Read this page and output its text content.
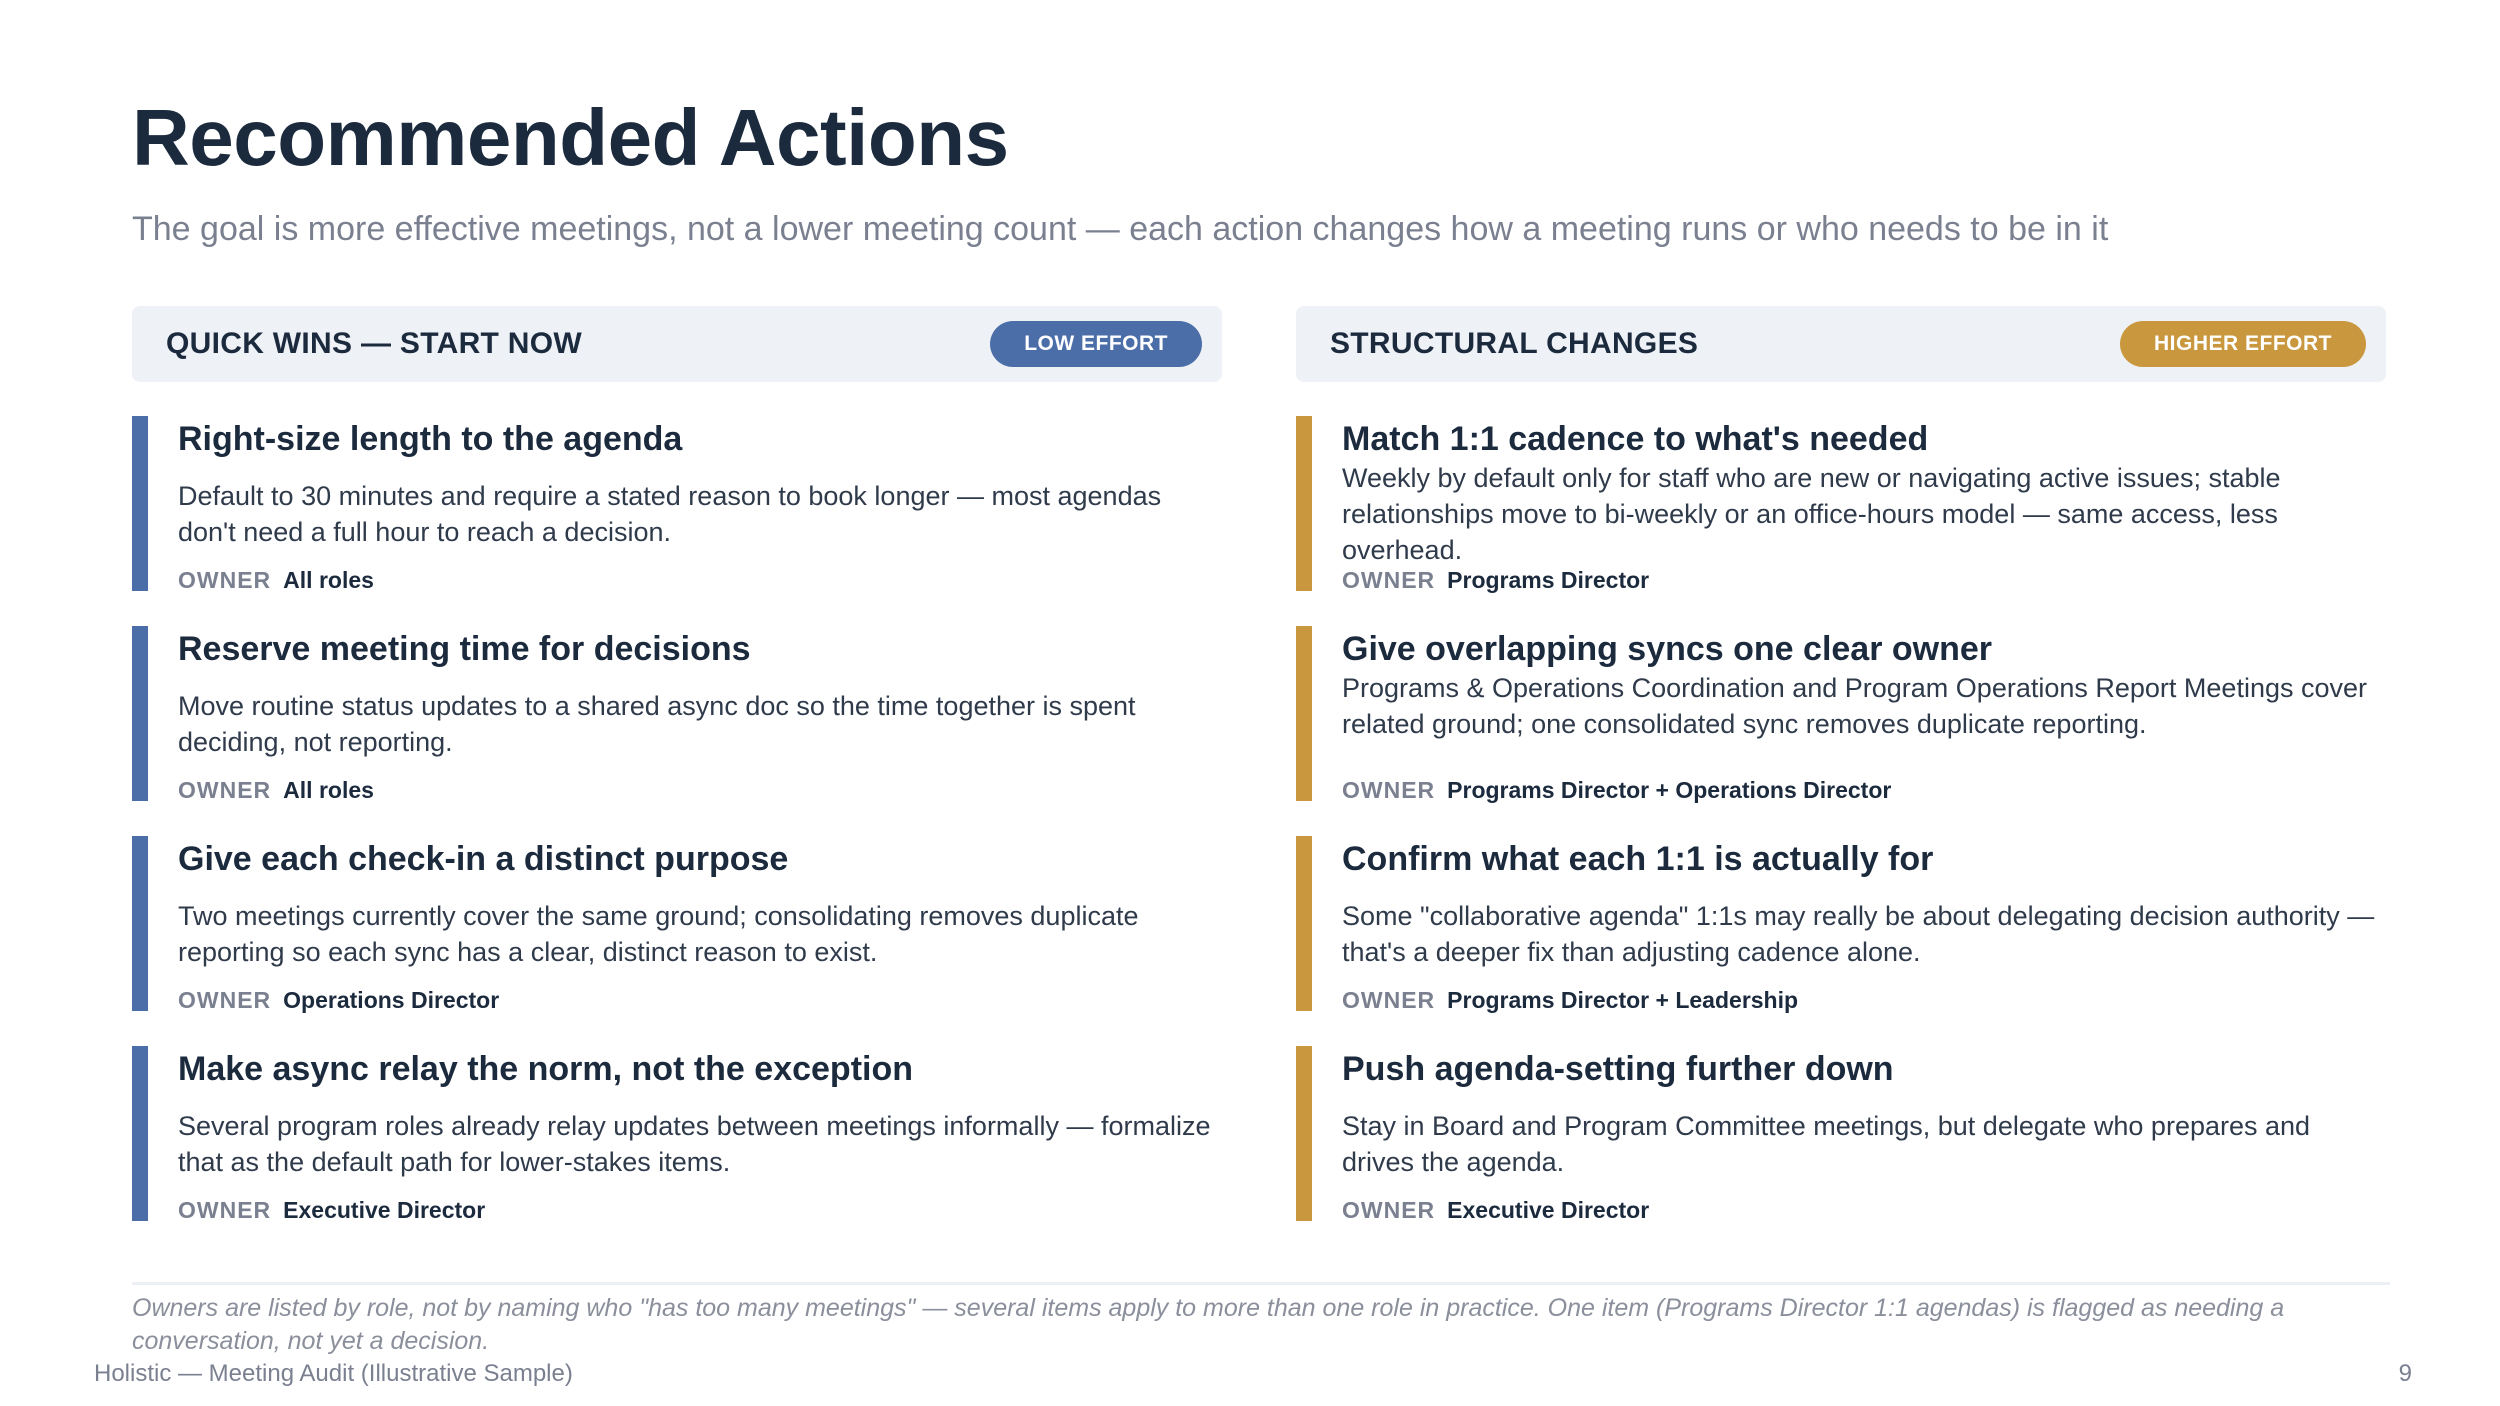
Recommended Actions
The goal is more effective meetings, not a lower meeting count — each action changes how a meeting runs or who needs to be in it
QUICK WINS — START NOW	LOW EFFORT
Right-size length to the agenda
Default to 30 minutes and require a stated reason to book longer — most agendas don't need a full hour to reach a decision.
OWNER All roles
Reserve meeting time for decisions
Move routine status updates to a shared async doc so the time together is spent deciding, not reporting.
OWNER All roles
Give each check-in a distinct purpose
Two meetings currently cover the same ground; consolidating removes duplicate reporting so each sync has a clear, distinct reason to exist.
OWNER Operations Director
Make async relay the norm, not the exception
Several program roles already relay updates between meetings informally — formalize that as the default path for lower-stakes items.
OWNER Executive Director
STRUCTURAL CHANGES	HIGHER EFFORT
Match 1:1 cadence to what's needed
Weekly by default only for staff who are new or navigating active issues; stable relationships move to bi-weekly or an office-hours model — same access, less overhead.
OWNER Programs Director
Give overlapping syncs one clear owner
Programs & Operations Coordination and Program Operations Report Meetings cover related ground; one consolidated sync removes duplicate reporting.
OWNER Programs Director + Operations Director
Confirm what each 1:1 is actually for
Some "collaborative agenda" 1:1s may really be about delegating decision authority — that's a deeper fix than adjusting cadence alone.
OWNER Programs Director + Leadership
Push agenda-setting further down
Stay in Board and Program Committee meetings, but delegate who prepares and drives the agenda.
OWNER Executive Director
Owners are listed by role, not by naming who "has too many meetings" — several items apply to more than one role in practice. One item (Programs Director 1:1 agendas) is flagged as needing a conversation, not yet a decision.
Holistic — Meeting Audit (Illustrative Sample)	9
